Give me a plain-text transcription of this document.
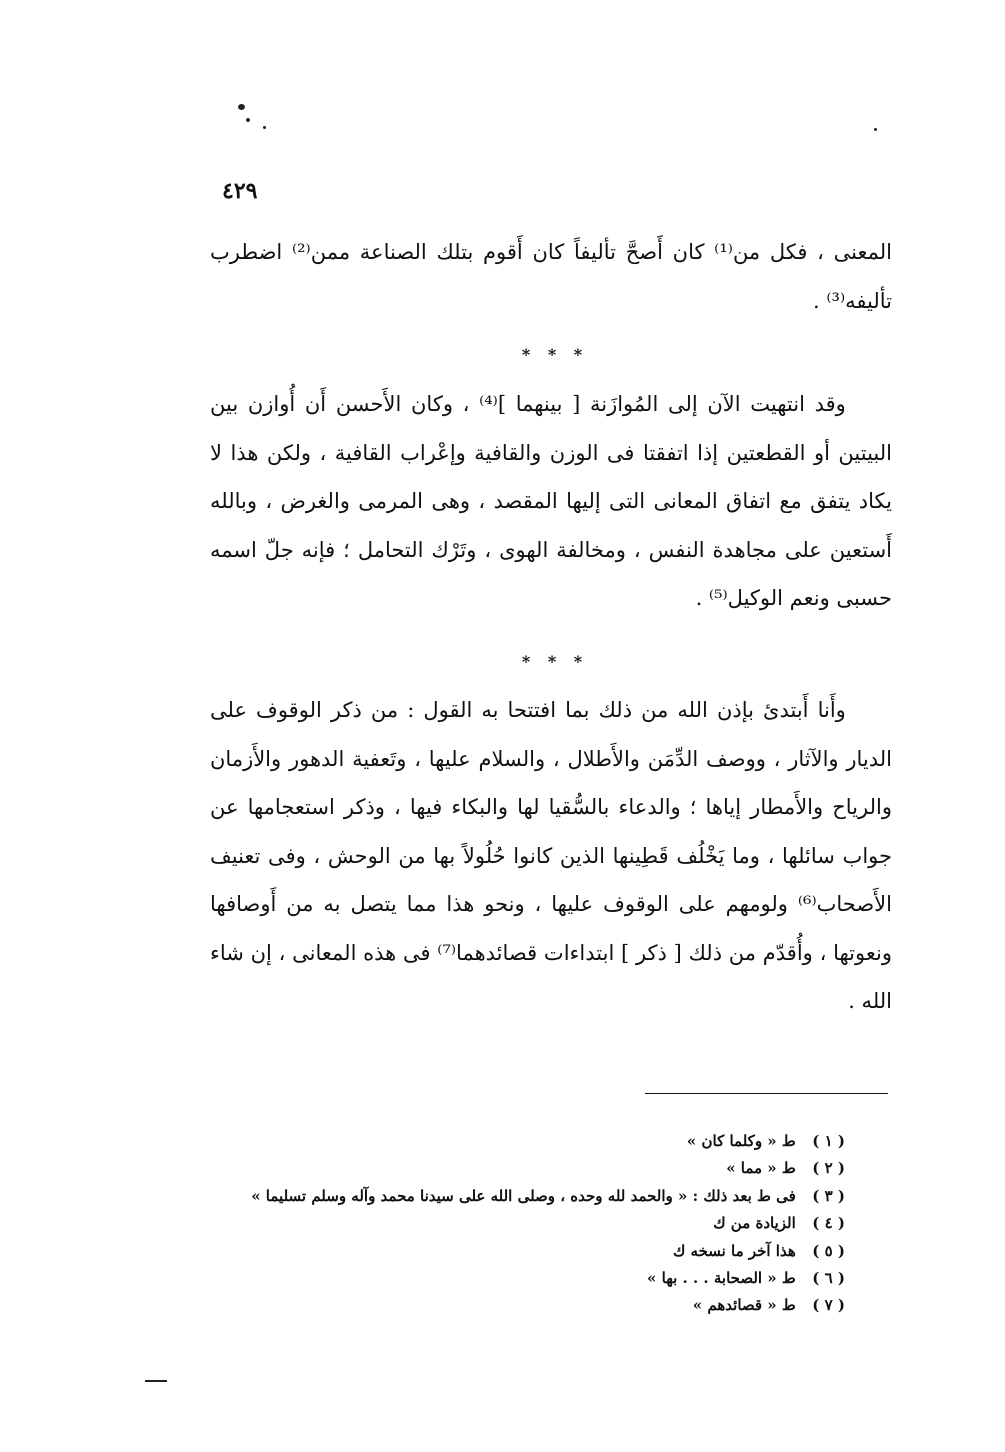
٤٢٩

المعنى ، فكل من⁽¹⁾ كان أَصحَّ تأليفاً كان أَقوم بتلك الصناعة ممن⁽²⁾ اضطرب تأليفه⁽³⁾ .

* * *

وقد انتهيت الآن إلى المُوازَنة [ بينهما ]⁽⁴⁾ ، وكان الأَحسن أَن أُوازن بين البيتين أو القطعتين إذا اتفقتا فى الوزن والقافية وإعْراب القافية ، ولكن هذا لا يكاد يتفق مع اتفاق المعانى التى إليها المقصد ، وهى المرمى والغرض ، وبالله أَستعين على مجاهدة النفس ، ومخالفة الهوى ، وتَرْك التحامل ؛ فإنه جلّ اسمه حسبى ونعم الوكيل⁽⁵⁾ .

* * *

وأَنا أَبتدئ بإذن الله من ذلك بما افتتحا به القول : من ذكر الوقوف على الديار والآثار ، ووصف الدِّمَن والأَطلال ، والسلام عليها ، وتَعفية الدهور والأَزمان والرياح والأَمطار إياها ؛ والدعاء بالسُّقيا لها والبكاء فيها ، وذكر استعجامها عن جواب سائلها ، وما يَخْلُف قَطِينها الذين كانوا حُلُولاً بها من الوحش ، وفى تعنيف الأَصحاب⁽⁶⁾ ولومهم على الوقوف عليها ، ونحو هذا مما يتصل به من أَوصافها ونعوتها ، وأُقدّم من ذلك [ ذكر ] ابتداءات قصائدهما⁽⁷⁾ فى هذه المعانى ، إن شاء الله .

( ١ ) ط « وكلما كان »
( ٢ ) ط « مما »
( ٣ ) فى ط بعد ذلك : « والحمد لله وحده ، وصلى الله على سيدنا محمد وآله وسلم تسليما »
( ٤ ) الزيادة من ك
( ٥ ) هذا آخر ما نسخه ك
( ٦ ) ط « الصحابة . . . بها »
( ٧ ) ط « قصائدهم »
